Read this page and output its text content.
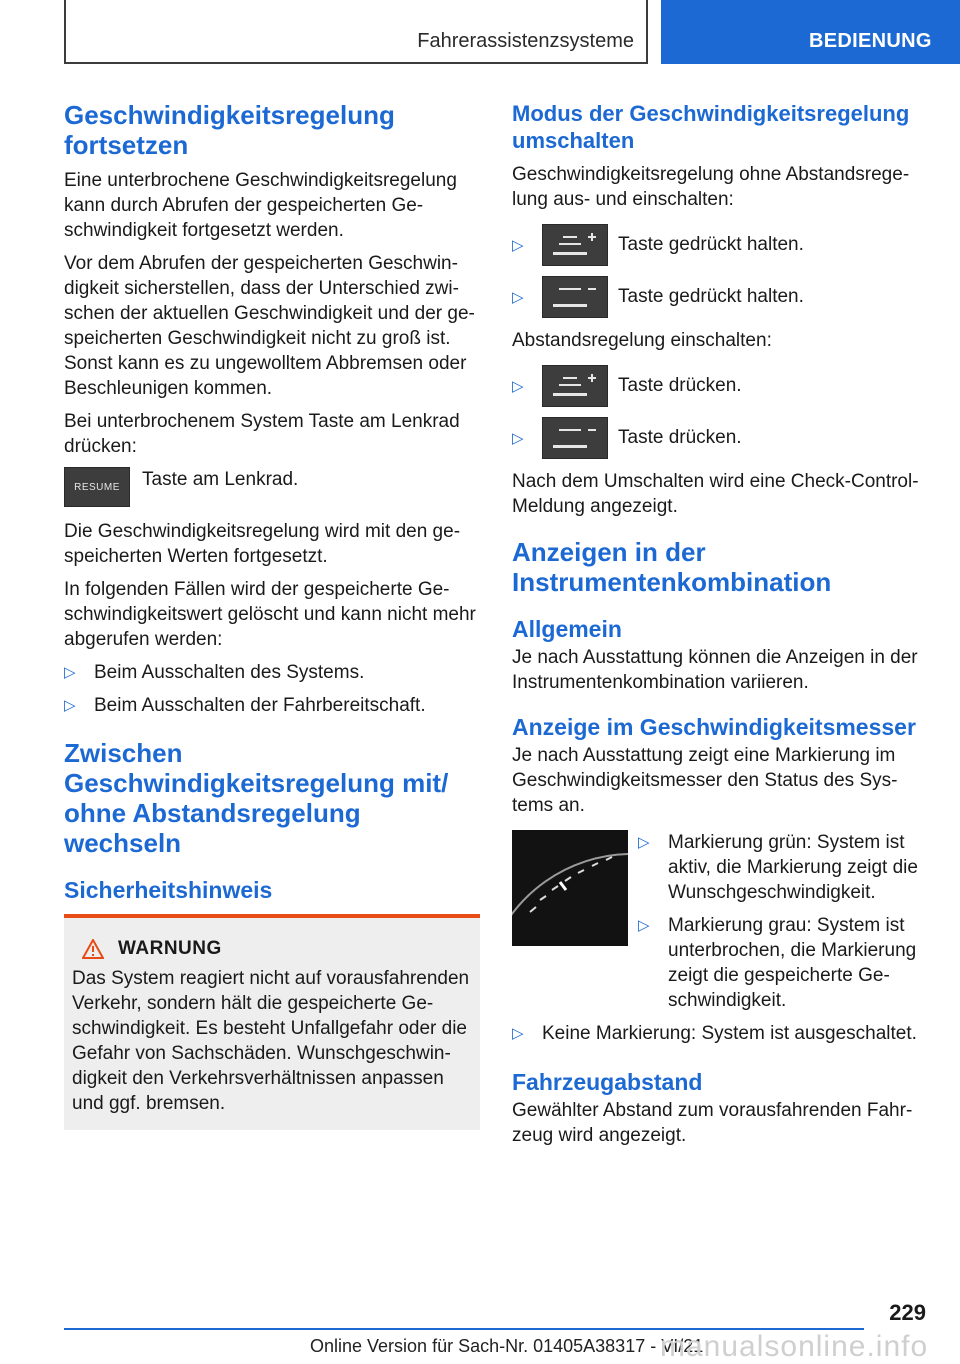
Fahrerassistenzsysteme	BEDIENUNG
Geschwindigkeitsregelung fortsetzen

Eine unterbrochene Geschwindigkeitsregelung kann durch Abrufen der gespeicherten Ge-schwindigkeit fortgesetzt werden.

Vor dem Abrufen der gespeicherten Geschwin-digkeit sicherstellen, dass der Unterschied zwi-schen der aktuellen Geschwindigkeit und der ge-speicherten Geschwindigkeit nicht zu groß ist. Sonst kann es zu ungewolltem Abbremsen oder Beschleunigen kommen.

Bei unterbrochenem System Taste am Lenkrad drücken:

RESUME Taste am Lenkrad.

Die Geschwindigkeitsregelung wird mit den ge-speicherten Werten fortgesetzt.

In folgenden Fällen wird der gespeicherte Ge-schwindigkeitswert gelöscht und kann nicht mehr abgerufen werden:

▷ Beim Ausschalten des Systems.
▷ Beim Ausschalten der Fahrbereitschaft.
Zwischen Geschwindigkeitsregelung mit/ ohne Abstandsregelung wechseln
Sicherheitshinweis
WARNUNG

Das System reagiert nicht auf vorausfahrenden Verkehr, sondern hält die gespeicherte Ge-schwindigkeit. Es besteht Unfallgefahr oder die Gefahr von Sachschäden. Wunschgeschwin-digkeit den Verkehrsverhältnissen anpassen und ggf. bremsen.

Modus der Geschwindigkeitsregelung umschalten

Geschwindigkeitsregelung ohne Abstandsrege-lung aus- und einschalten:

▷	Taste gedrückt halten.
▷	Taste gedrückt halten.

Abstandsregelung einschalten:

▷	Taste drücken.
▷	Taste drücken.

Nach dem Umschalten wird eine Check-Control-Meldung angezeigt.

Anzeigen in der Instrumentenkombination
Allgemein

Je nach Ausstattung können die Anzeigen in der Instrumentenkombination variieren.

Anzeige im Geschwindigkeitsmesser

Je nach Ausstattung zeigt eine Markierung im Geschwindigkeitsmesser den Status des Sys-tems an.

▷ Markierung grün: System ist aktiv, die Markierung zeigt die Wunschgeschwindigkeit.
▷ Markierung grau: System ist unterbrochen, die Markierung zeigt die gespeicherte Ge-schwindigkeit.
▷ Keine Markierung: System ist ausgeschaltet.
Fahrzeugabstand

Gewählter Abstand zum vorausfahrenden Fahr-zeug wird angezeigt.

229
Online Version für Sach-Nr. 01405A38317 - VI/21
manualsonline.info
